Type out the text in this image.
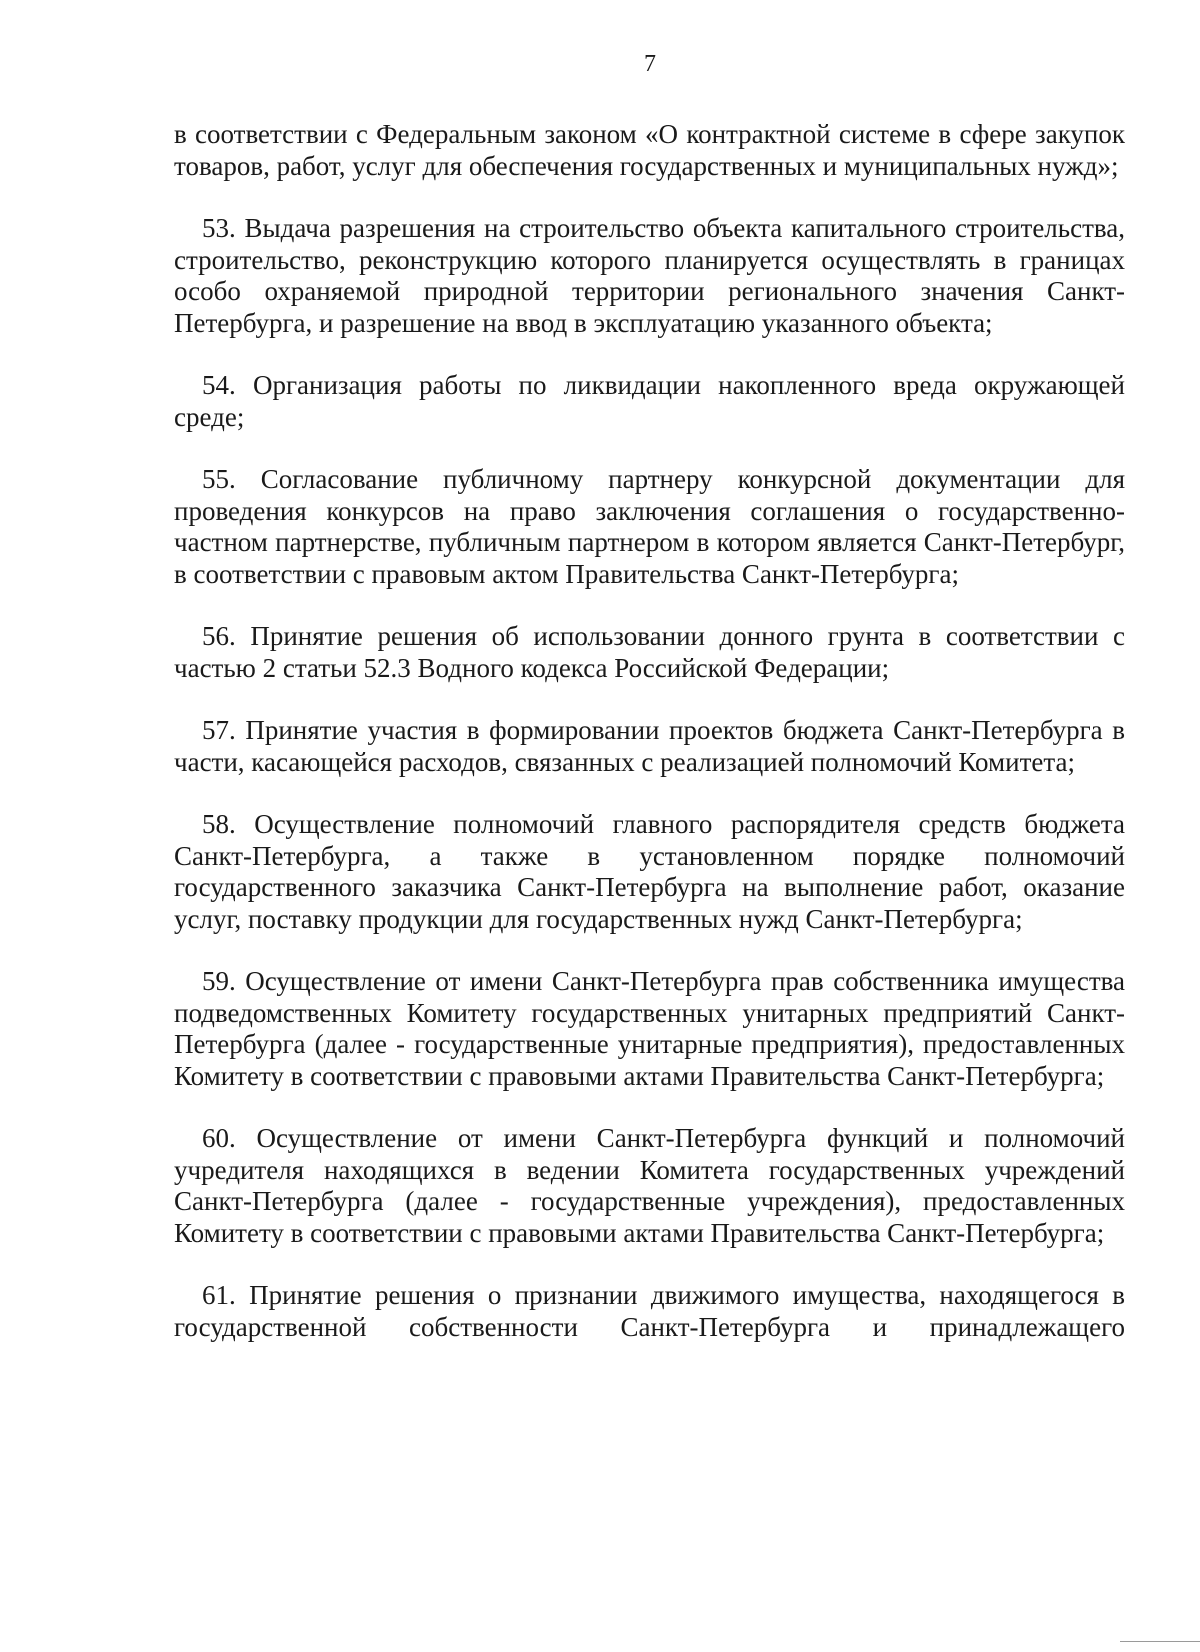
7

в соответствии с Федеральным законом «О контрактной системе в сфере закупок товаров, работ, услуг для обеспечения государственных и муниципальных нужд»;

53. Выдача разрешения на строительство объекта капитального строительства, строительство, реконструкцию которого планируется осуществлять в границах особо охраняемой природной территории регионального значения Санкт-Петербурга, и разрешение на ввод в эксплуатацию указанного объекта;

54. Организация работы по ликвидации накопленного вреда окружающей среде;

55. Согласование публичному партнеру конкурсной документации для проведения конкурсов на право заключения соглашения о государственно-частном партнерстве, публичным партнером в котором является Санкт-Петербург, в соответствии с правовым актом Правительства Санкт-Петербурга;

56. Принятие решения об использовании донного грунта в соответствии с частью 2 статьи 52.3 Водного кодекса Российской Федерации;

57. Принятие участия в формировании проектов бюджета Санкт-Петербурга в части, касающейся расходов, связанных с реализацией полномочий Комитета;

58. Осуществление полномочий главного распорядителя средств бюджета Санкт-Петербурга, а также в установленном порядке полномочий государственного заказчика Санкт-Петербурга на выполнение работ, оказание услуг, поставку продукции для государственных нужд Санкт-Петербурга;

59. Осуществление от имени Санкт-Петербурга прав собственника имущества подведомственных Комитету государственных унитарных предприятий Санкт-Петербурга (далее - государственные унитарные предприятия), предоставленных Комитету в соответствии с правовыми актами Правительства Санкт-Петербурга;

60. Осуществление от имени Санкт-Петербурга функций и полномочий учредителя находящихся в ведении Комитета государственных учреждений Санкт-Петербурга (далее - государственные учреждения), предоставленных Комитету в соответствии с правовыми актами Правительства Санкт-Петербурга;

61. Принятие решения о признании движимого имущества, находящегося в государственной собственности Санкт-Петербурга и принадлежащего
